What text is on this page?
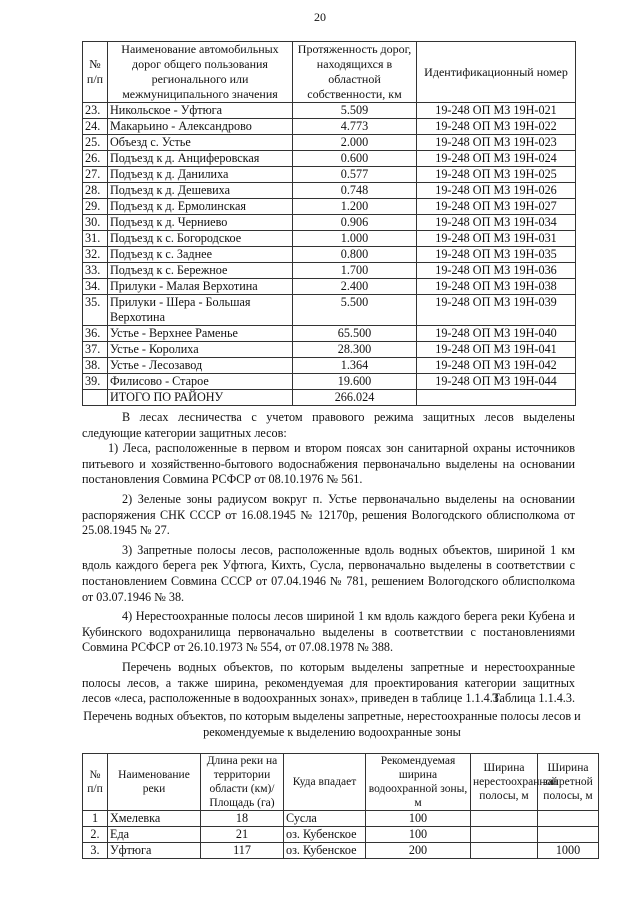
20
№ п/п	Наименование автомобильных дорог общего пользования регионального или межмуниципального значения	Протяженность дорог, находящихся в областной собственности, км	Идентификационный номер
23.	Никольское - Уфтюга	5.509	19-248 ОП МЗ 19Н-021
24.	Макарьино - Александрово	4.773	19-248 ОП МЗ 19Н-022
25.	Объезд с. Устье	2.000	19-248 ОП МЗ 19Н-023
26.	Подъезд к д. Анциферовская	0.600	19-248 ОП МЗ 19Н-024
27.	Подъезд к д. Данилиха	0.577	19-248 ОП МЗ 19Н-025
28.	Подъезд к д. Дешевиха	0.748	19-248 ОП МЗ 19Н-026
29.	Подъезд к д. Ермолинская	1.200	19-248 ОП МЗ 19Н-027
30.	Подъезд к д. Черниево	0.906	19-248 ОП МЗ 19Н-034
31.	Подъезд к с. Богородское	1.000	19-248 ОП МЗ 19Н-031
32.	Подъезд к с. Заднее	0.800	19-248 ОП МЗ 19Н-035
33.	Подъезд к с. Бережное	1.700	19-248 ОП МЗ 19Н-036
34.	Прилуки - Малая Верхотина	2.400	19-248 ОП МЗ 19Н-038
35.	Прилуки - Шера - Большая Верхотина	5.500	19-248 ОП МЗ 19Н-039
36.	Устье - Верхнее Раменье	65.500	19-248 ОП МЗ 19Н-040
37.	Устье - Королиха	28.300	19-248 ОП МЗ 19Н-041
38.	Устье - Лесозавод	1.364	19-248 ОП МЗ 19Н-042
39.	Филисово - Старое	19.600	19-248 ОП МЗ 19Н-044
	ИТОГО ПО РАЙОНУ	266.024	

В лесах лесничества с учетом правового режима защитных лесов выделены следующие категории защитных лесов:

1) Леса, расположенные в первом и втором поясах зон санитарной охраны источников питьевого и хозяйственно-бытового водоснабжения первоначально выделены на основании постановления Совмина РСФСР от 08.10.1976 № 561.

2) Зеленые зоны радиусом вокруг п. Устье первоначально выделены на основании распоряжения СНК СССР от 16.08.1945 № 12170р, решения Вологодского облисполкома от 25.08.1945 № 27.

3) Запретные полосы лесов, расположенные вдоль водных объектов, шириной 1 км вдоль каждого берега рек Уфтюга, Кихть, Сусла, первоначально выделены в соответствии с постановлением Совмина СССР от 07.04.1946 № 781, решением Вологодского облисполкома от 03.07.1946 № 38.

4) Нерестоохранные полосы лесов шириной 1 км вдоль каждого берега реки Кубена и Кубинского водохранилища первоначально выделены в соответствии с постановлениями Совмина РСФСР от 26.10.1973 № 554, от 07.08.1978 № 388.

Перечень водных объектов, по которым выделены запретные и нерестоохранные полосы лесов, а также ширина, рекомендуемая для проектирования категории защитных лесов «леса, расположенные в водоохранных зонах», приведен в таблице 1.1.4.3.

Таблица 1.1.4.3.
Перечень водных объектов, по которым выделены запретные, нерестоохранные полосы лесов и рекомендуемые к выделению водоохранные зоны
№ п/п	Наименование реки	Длина реки на территории области (км)/ Площадь (га)	Куда впадает	Рекомендуемая ширина водоохранной зоны, м	Ширина нерестоохранной полосы, м	Ширина запретной полосы, м
1	Хмелевка	18	Сусла	100		
2.	Еда	21	оз. Кубенское	100		
3.	Уфтюга	117	оз. Кубенское	200		1000
